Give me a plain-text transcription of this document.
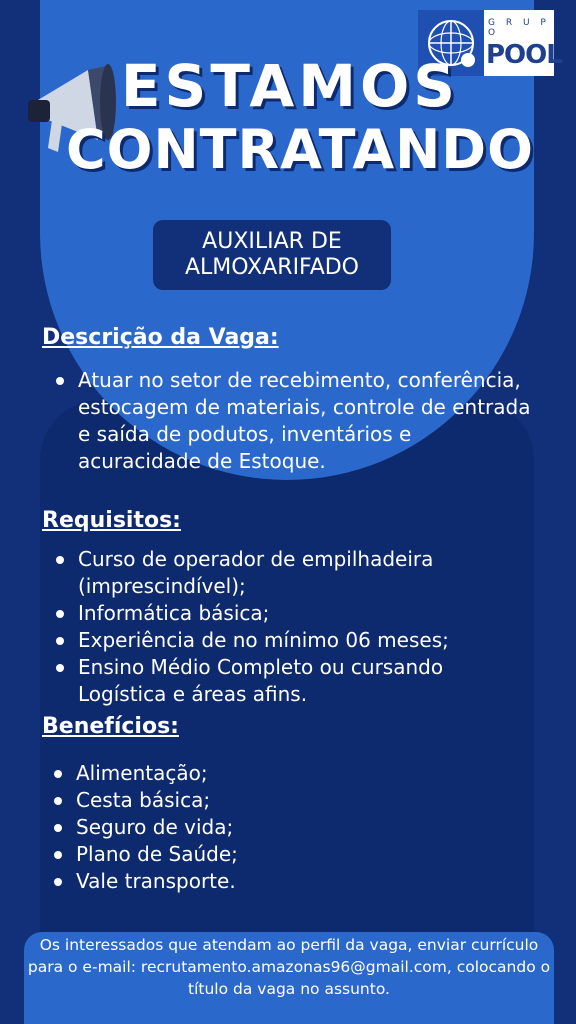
G R U P O
POOL
ESTAMOS
CONTRATANDO
AUXILIAR DE
ALMOXARIFADO
Descrição da Vaga:
Atuar no setor de recebimento, conferência, estocagem de materiais, controle de entrada e saída de podutos, inventários e acuracidade de Estoque.
Requisitos:
Curso de operador de empilhadeira (imprescindível);
Informática básica;
Experiência de no mínimo 06 meses;
Ensino Médio Completo ou cursando Logística e áreas afins.
Benefícios:
Alimentação;
Cesta básica;
Seguro de vida;
Plano de Saúde;
Vale transporte.
Os interessados que atendam ao perfil da vaga, enviar currículo para o e-mail: recrutamento.amazonas96@gmail.com, colocando o título da vaga no assunto.
